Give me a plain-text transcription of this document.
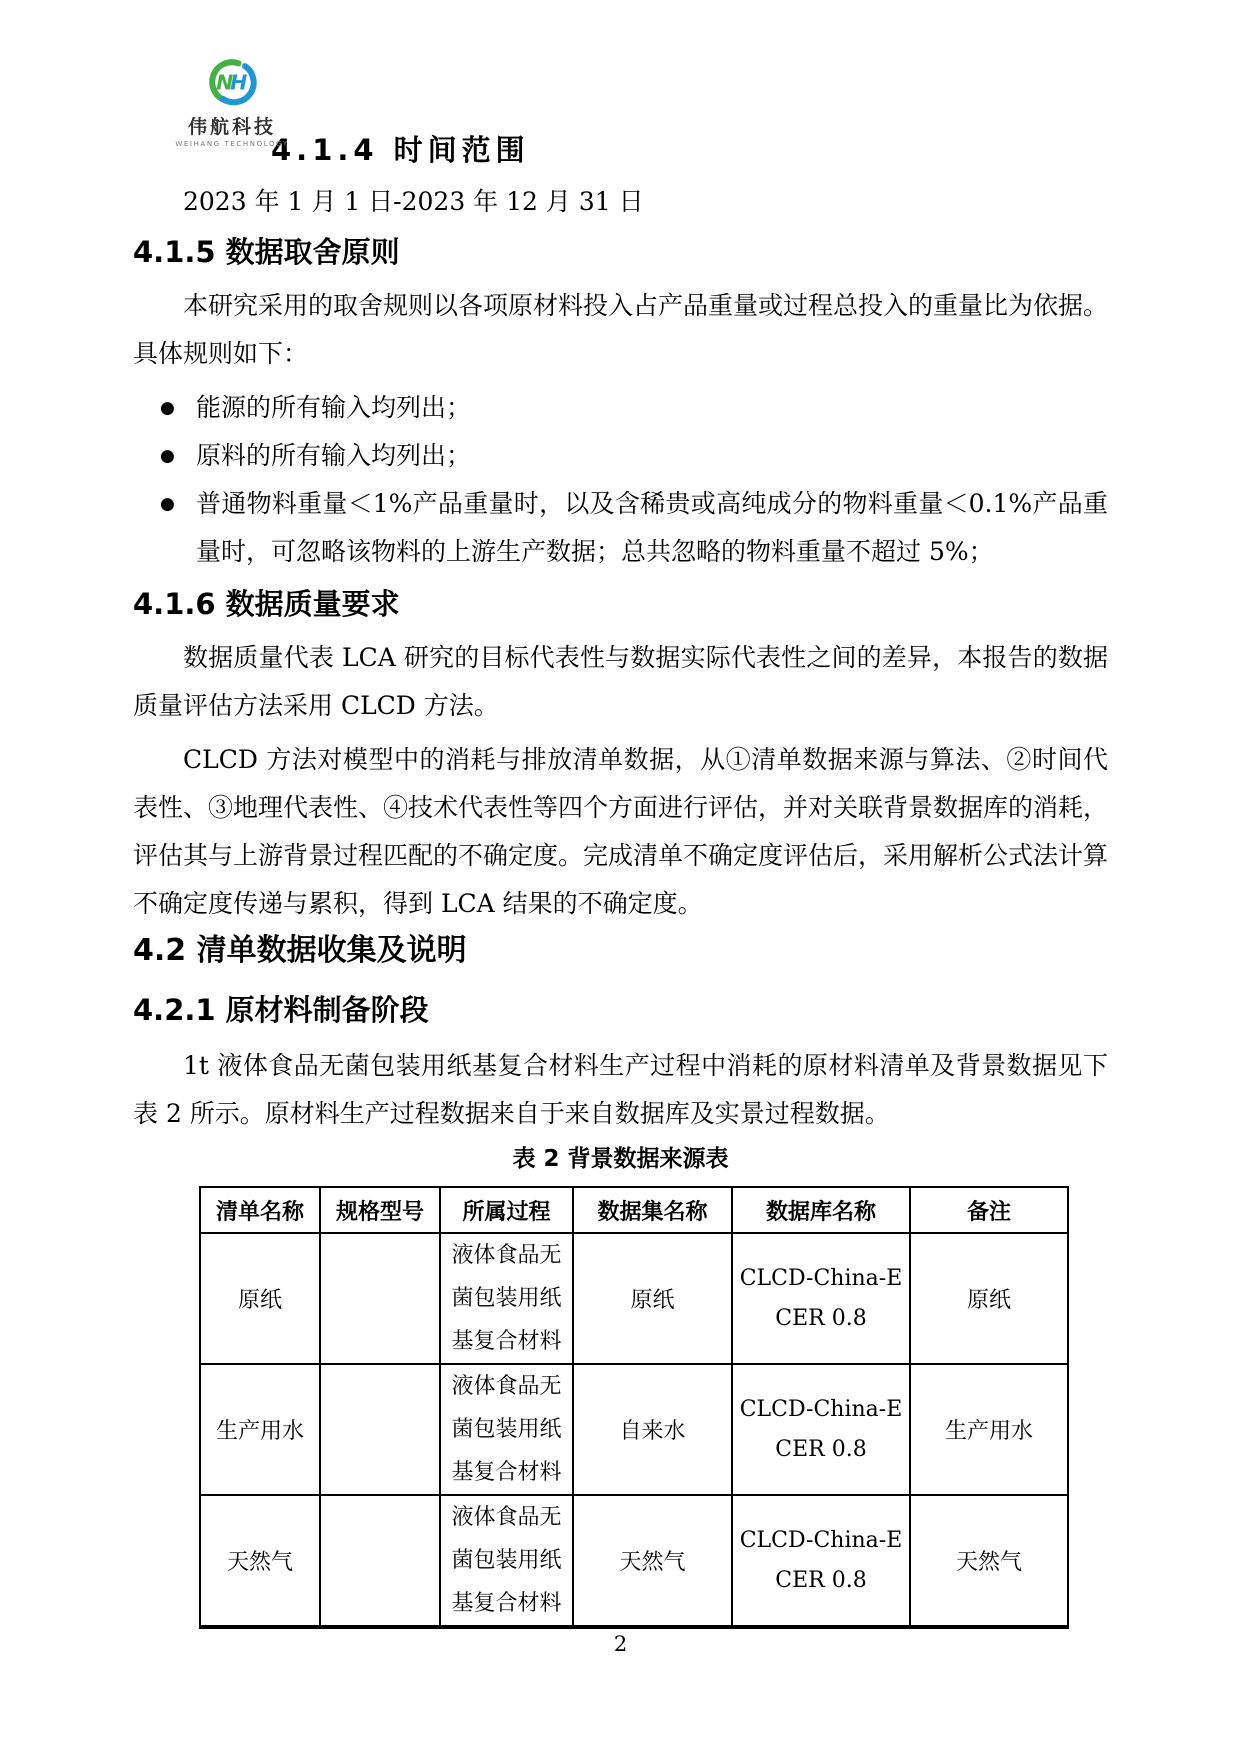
N
H
伟航科技
WEIHANG TECHNOLOGY
4.1.4 时间范围

2023 年 1 月 1 日-2023 年 12 月 31 日

4.1.5 数据取舍原则

本研究采用的取舍规则以各项原材料投入占产品重量或过程总投入的重量比为依据。具体规则如下：

● 能源的所有输入均列出；
● 原料的所有输入均列出；
● 普通物料重量＜1%产品重量时，以及含稀贵或高纯成分的物料重量＜0.1%产品重量时，可忽略该物料的上游生产数据；总共忽略的物料重量不超过 5%；
4.1.6 数据质量要求

数据质量代表 LCA 研究的目标代表性与数据实际代表性之间的差异，本报告的数据质量评估方法采用 CLCD 方法。

CLCD 方法对模型中的消耗与排放清单数据，从①清单数据来源与算法、②时间代表性、③地理代表性、④技术代表性等四个方面进行评估，并对关联背景数据库的消耗，评估其与上游背景过程匹配的不确定度。完成清单不确定度评估后，采用解析公式法计算不确定度传递与累积，得到 LCA 结果的不确定度。

4.2 清单数据收集及说明
4.2.1 原材料制备阶段

1t 液体食品无菌包装用纸基复合材料生产过程中消耗的原材料清单及背景数据见下表 2 所示。原材料生产过程数据来自于来自数据库及实景过程数据。

表 2 背景数据来源表
清单名称	规格型号	所属过程	数据集名称	数据库名称	备注
原纸		液体食品无菌包装用纸基复合材料	原纸	CLCD-China-ECER 0.8	原纸
生产用水		液体食品无菌包装用纸基复合材料	自来水	CLCD-China-ECER 0.8	生产用水
天然气		液体食品无菌包装用纸基复合材料	天然气	CLCD-China-ECER 0.8	天然气
2
